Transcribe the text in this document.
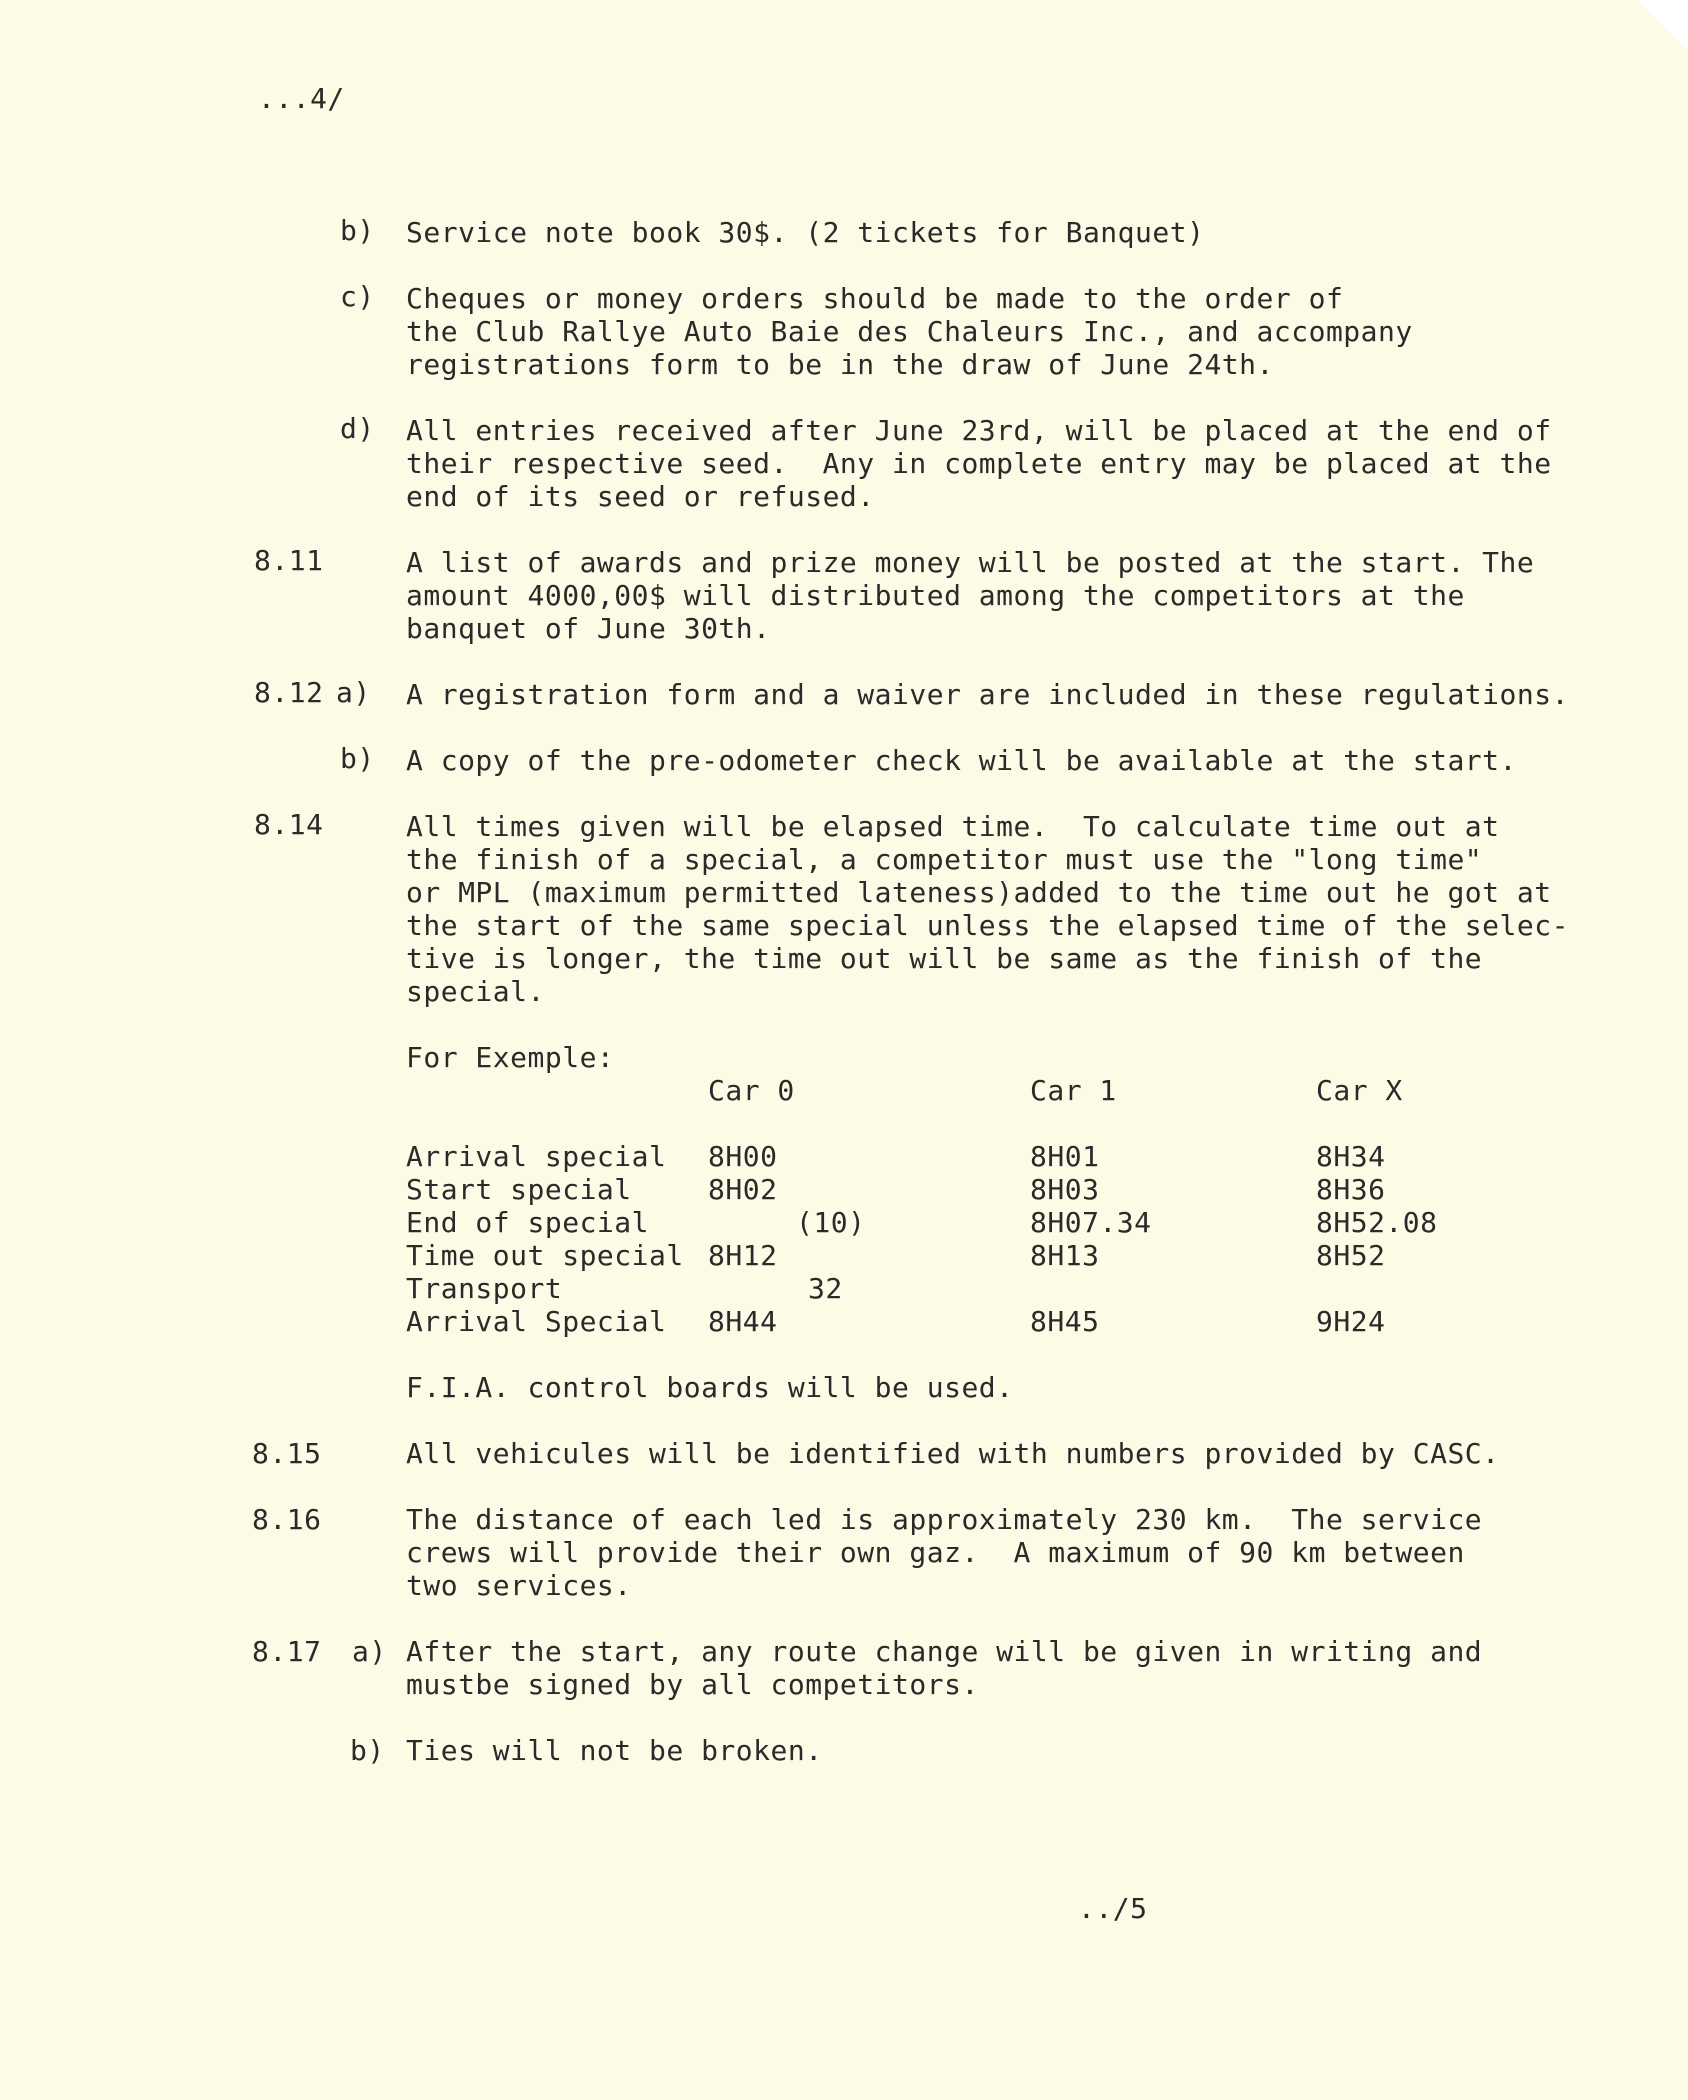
...4/
b) Service note book 30$. (2 tickets for Banquet)
c) Cheques or money orders should be made to the order of
the Club Rallye Auto Baie des Chaleurs Inc., and accompany
registrations form to be in the draw of June 24th.
d) All entries received after June 23rd, will be placed at the end of
their respective seed.  Any in complete entry may be placed at the
end of its seed or refused.
8.11	A list of awards and prize money will be posted at the start. The
amount 4000,00$ will distributed among the competitors at the
banquet of June 30th.
8.12 a) A registration form and a waiver are included in these regulations.
b) A copy of the pre-odometer check will be available at the start.
8.14	All times given will be elapsed time.  To calculate time out at
the finish of a special, a competitor must use the "long time"
or MPL (maximum permitted lateness)added to the time out he got at
the start of the same special unless the elapsed time of the selec-
tive is longer, the time out will be same as the finish of the
special.
For Exemple:
Car 0	Car 1	Car X
Arrival special 8H00	8H01	8H34
Start special	8H02	8H03	8H36
End of special	(10)	8H07.34	8H52.08
Time out special 8H12	8H13	8H52
Transport	32
Arrival Special 8H44	8H45	9H24
F.I.A. control boards will be used.
8.15	All vehicules will be identified with numbers provided by CASC.
8.16	The distance of each led is approximately 230 km.  The service
crews will provide their own gaz.  A maximum of 90 km between
two services.
8.17 a) After the start, any route change will be given in writing and
mustbe signed by all competitors.
b) Ties will not be broken.
../5
